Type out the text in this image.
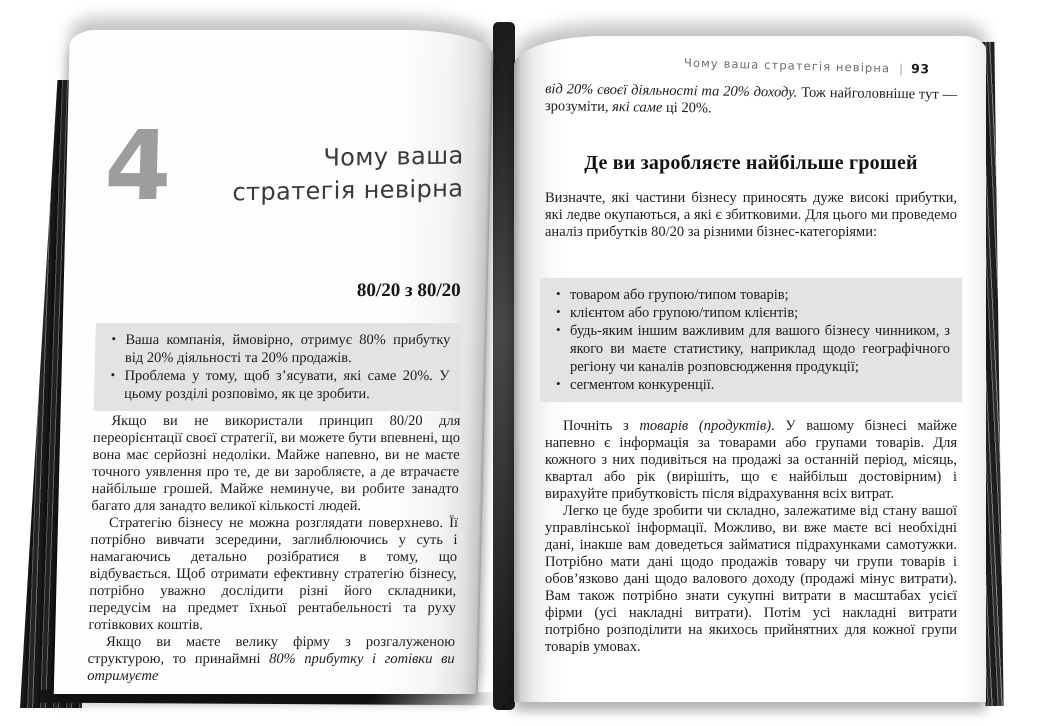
4	Чому ваша
стратегія невірна
80/20 з 80/20
• Ваша компанія, ймовірно, отримує 80% прибутку від 20% діяльності та 20% продажів.
• Проблема у тому, щоб з’ясувати, які саме 20%. У цьому розділі розповімо, як це зробити.

Якщо ви не використали принцип 80/20 для переорієнтації своєї стратегії, ви можете бути впевнені, що вона має серйозні недоліки. Майже напевно, ви не маєте точного уявлення про те, де ви заробляєте, а де втрачаєте найбільше грошей. Майже неминуче, ви робите занадто багато для занадто великої кількості людей.

Стратегію бізнесу не можна розглядати поверхнево. Її потрібно вивчати зсередини, заглиблюючись у суть і намагаючись детально розібратися в тому, що відбувається. Щоб отримати ефективну стратегію бізнесу, потрібно уважно дослідити різні його складники, передусім на предмет їхньої рентабельності та руху готівкових коштів.

Якщо ви маєте велику фірму з розгалуженою структурою, то принаймні 80% прибутку і готівки ви отримуєте

Чому ваша стратегія невірна | 93

від 20% своєї діяльності та 20% доходу. Тож найголовніше тут — зрозуміти, які саме ці 20%.

Де ви заробляєте найбільше грошей

Визначте, які частини бізнесу приносять дуже високі прибутки, які ледве окупаються, а які є збитковими. Для цього ми проведемо аналіз прибутків 80/20 за різними бізнес-категоріями:

• товаром або групою/типом товарів;
• клієнтом або групою/типом клієнтів;
• будь-яким іншим важливим для вашого бізнесу чинником, з якого ви маєте статистику, наприклад щодо географічного регіону чи каналів розповсюдження продукції;
• сегментом конкуренції.

Почніть з товарів (продуктів). У вашому бізнесі майже напевно є інформація за товарами або групами товарів. Для кожного з них подивіться на продажі за останній період, місяць, квартал або рік (вирішіть, що є найбільш достовірним) і вирахуйте прибутковість після відрахування всіх витрат.

Легко це буде зробити чи складно, залежатиме від стану вашої управлінської інформації. Можливо, ви вже маєте всі необхідні дані, інакше вам доведеться займатися підрахунками самотужки. Потрібно мати дані щодо продажів товару чи групи товарів і обов’язково дані щодо валового доходу (продажі мінус витрати). Вам також потрібно знати сукупні витрати в масштабах усієї фірми (усі накладні витрати). Потім усі накладні витрати потрібно розподілити на якихось прийнятних для кожної групи товарів умовах.
